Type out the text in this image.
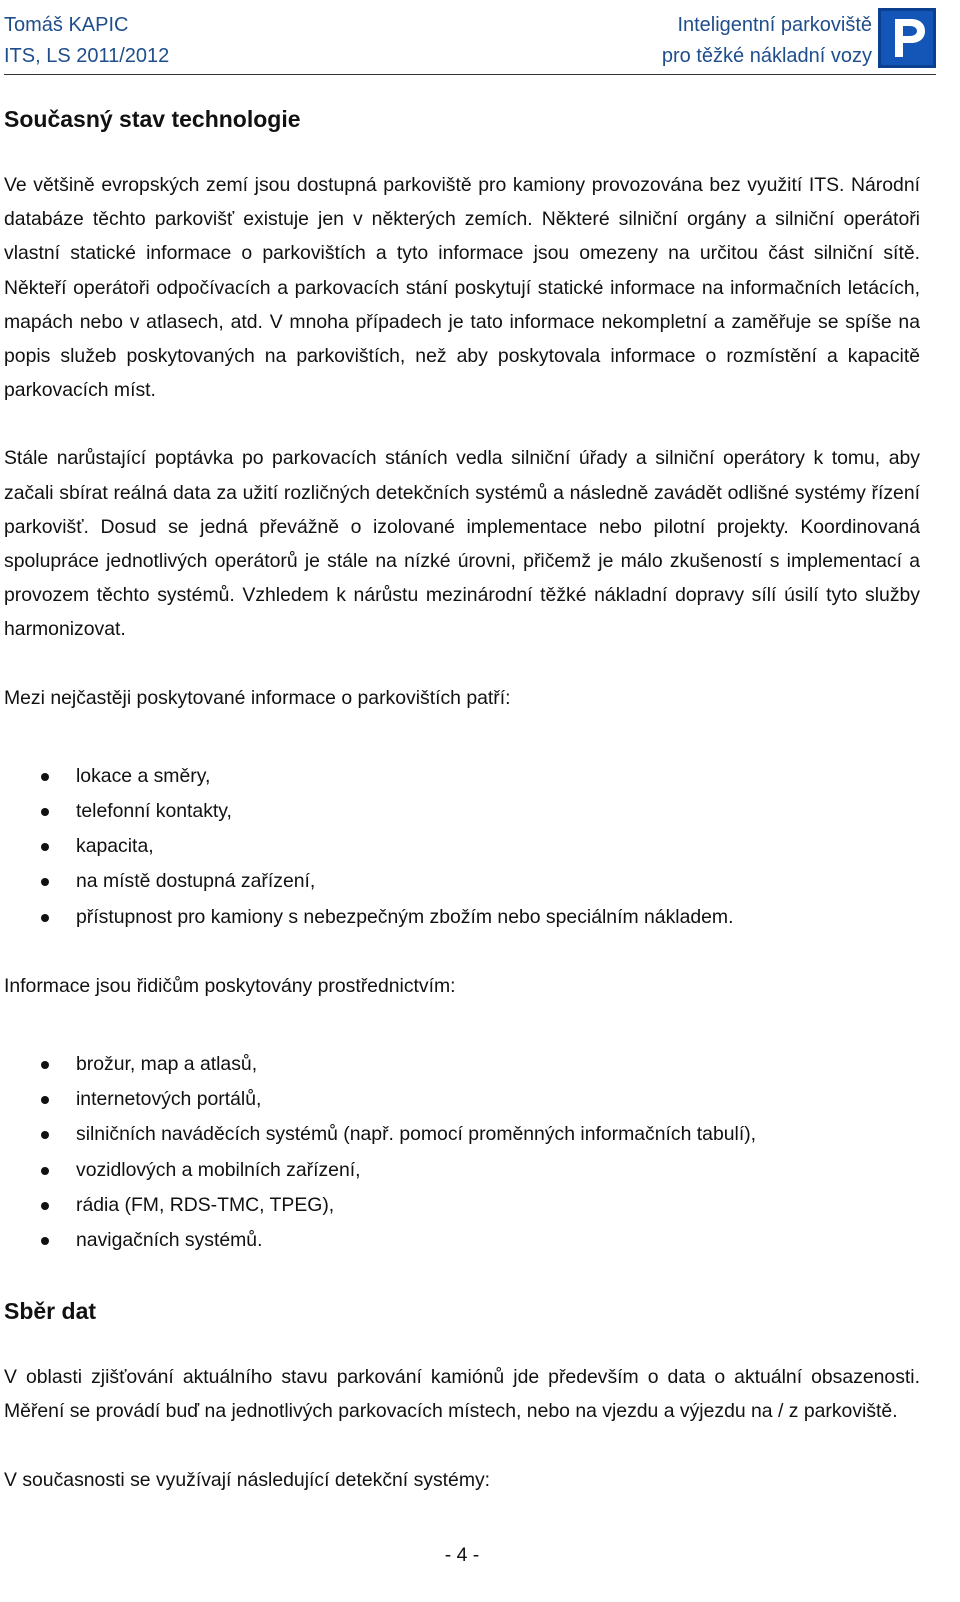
Tomáš KAPIC
ITS, LS 2011/2012
Inteligentní parkoviště
pro těžké nákladní vozy
Současný stav technologie

Ve většině evropských zemí jsou dostupná parkoviště pro kamiony provozována bez využití ITS. Národní databáze těchto parkovišť existuje jen v některých zemích. Některé silniční orgány a silniční operátoři vlastní statické informace o parkovištích a tyto informace jsou omezeny na určitou část silniční sítě. Někteří operátoři odpočívacích a parkovacích stání poskytují statické informace na informačních letácích, mapách nebo v atlasech, atd. V mnoha případech je tato informace nekompletní a zaměřuje se spíše na popis služeb poskytovaných na parkovištích, než aby poskytovala informace o rozmístění a kapacitě parkovacích míst.

Stále narůstající poptávka po parkovacích stáních vedla silniční úřady a silniční operátory k tomu, aby začali sbírat reálná data za užití rozličných detekčních systémů a následně zavádět odlišné systémy řízení parkovišť. Dosud se jedná převážně o izolované implementace nebo pilotní projekty. Koordinovaná spolupráce jednotlivých operátorů je stále na nízké úrovni, přičemž je málo zkušeností s implementací a provozem těchto systémů. Vzhledem k nárůstu mezinárodní těžké nákladní dopravy sílí úsilí tyto služby harmonizovat.

Mezi nejčastěji poskytované informace o parkovištích patří:

lokace a směry,
telefonní kontakty,
kapacita,
na místě dostupná zařízení,
přístupnost pro kamiony s nebezpečným zbožím nebo speciálním nákladem.

Informace jsou řidičům poskytovány prostřednictvím:

brožur, map a atlasů,
internetových portálů,
silničních naváděcích systémů (např. pomocí proměnných informačních tabulí),
vozidlových a mobilních zařízení,
rádia (FM, RDS-TMC, TPEG),
navigačních systémů.
Sběr dat

V oblasti zjišťování aktuálního stavu parkování kamiónů jde především o data o aktuální obsazenosti. Měření se provádí buď na jednotlivých parkovacích místech, nebo na vjezdu a výjezdu na / z parkoviště.

V současnosti se využívají následující detekční systémy:

- 4 -
